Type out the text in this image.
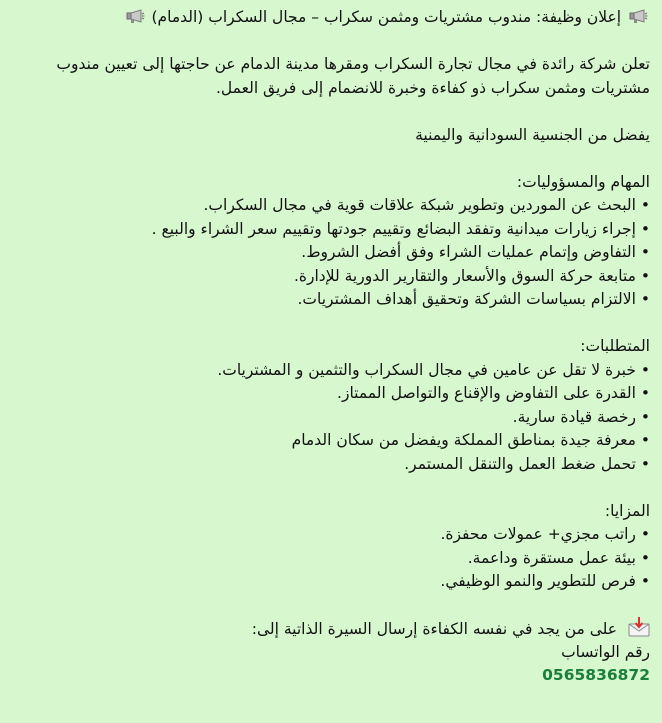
إعلان وظيفة: مندوب مشتريات ومثمن سكراب – مجال السكراب (الدمام)
تعلن شركة رائدة في مجال تجارة السكراب ومقرها مدينة الدمام عن حاجتها إلى تعيين مندوب مشتريات ومثمن سكراب ذو كفاءة وخبرة للانضمام إلى فريق العمل.
يفضل من الجنسية السودانية واليمنية
المهام والمسؤوليات:
• البحث عن الموردين وتطوير شبكة علاقات قوية في مجال السكراب.
• إجراء زيارات ميدانية وتفقد البضائع وتقييم جودتها وتقييم سعر الشراء والبيع .
• التفاوض وإتمام عمليات الشراء وفق أفضل الشروط.
• متابعة حركة السوق والأسعار والتقارير الدورية للإدارة.
• الالتزام بسياسات الشركة وتحقيق أهداف المشتريات.
المتطلبات:
• خبرة لا تقل عن عامين في مجال السكراب والتثمين و المشتريات.
• القدرة على التفاوض والإقناع والتواصل الممتاز.
• رخصة قيادة سارية.
• معرفة جيدة بمناطق المملكة ويفضل من سكان الدمام
• تحمل ضغط العمل والتنقل المستمر.
المزايا:
• راتب مجزي+ عمولات محفزة.
• بيئة عمل مستقرة وداعمة.
• فرص للتطوير والنمو الوظيفي.
على من يجد في نفسه الكفاءة إرسال السيرة الذاتية إلى:
رقم الواتساب
0565836872
